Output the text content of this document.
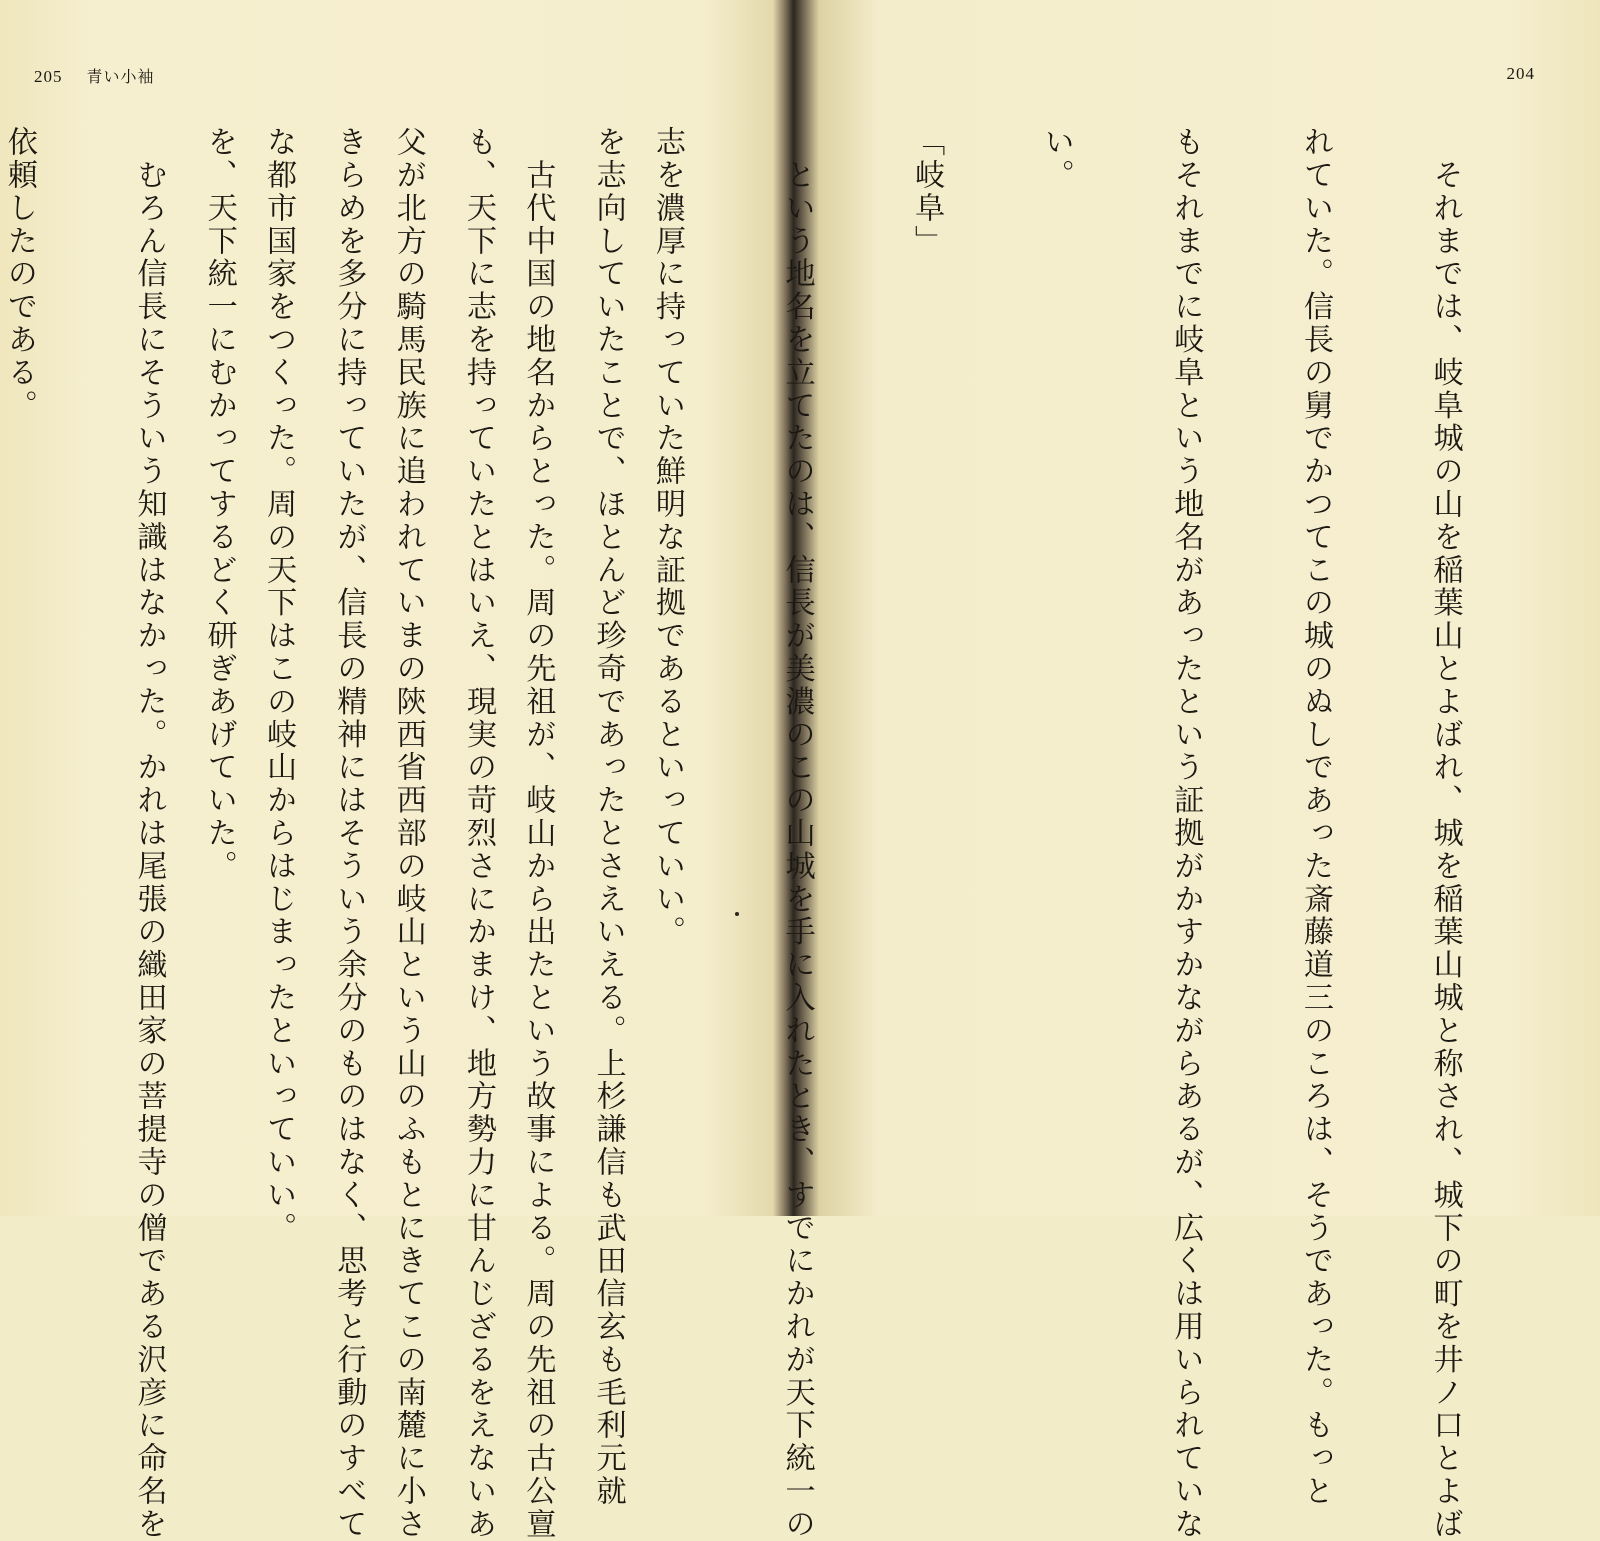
205 青い小袖

を志向していたことで、ほとんど珍奇であったとさえいえる。上杉謙信も武田信玄も毛利元就

も、天下に志を持っていたとはいえ、現実の苛烈さにかまけ、地方勢力に甘んじざるをえないあ

きらめを多分に持っていたが、信長の精神にはそういう余分のものはなく、思考と行動のすべて

を、天下統一にむかってするどく研ぎあげていた。

204

　それまでは、岐阜城の山を稲葉山とよばれ、城を稲葉山城と称され、城下の町を井ノ口とよば

れていた。信長の舅でかつてこの城のぬしであった斎藤道三のころは、そうであった。もっと

もそれまでに岐阜という地名があったという証拠がかすかながらあるが、広くは用いられていな

い。

「岐阜」

　という地名を立てたのは、信長が美濃のこの山城を手に入れたとき、すでにかれが天下統一の

志を濃厚に持っていた鮮明な証拠であるといっていい。

　古代中国の地名からとった。周の先祖が、岐山から出たという故事による。周の先祖の古公亶

父が北方の騎馬民族に追われていまの陝西省西部の岐山という山のふもとにきてこの南麓に小さ

な都市国家をつくった。周の天下はこの岐山からはじまったといっていい。

　むろん信長にそういう知識はなかった。かれは尾張の織田家の菩提寺の僧である沢彦に命名を

依頼したのである。
